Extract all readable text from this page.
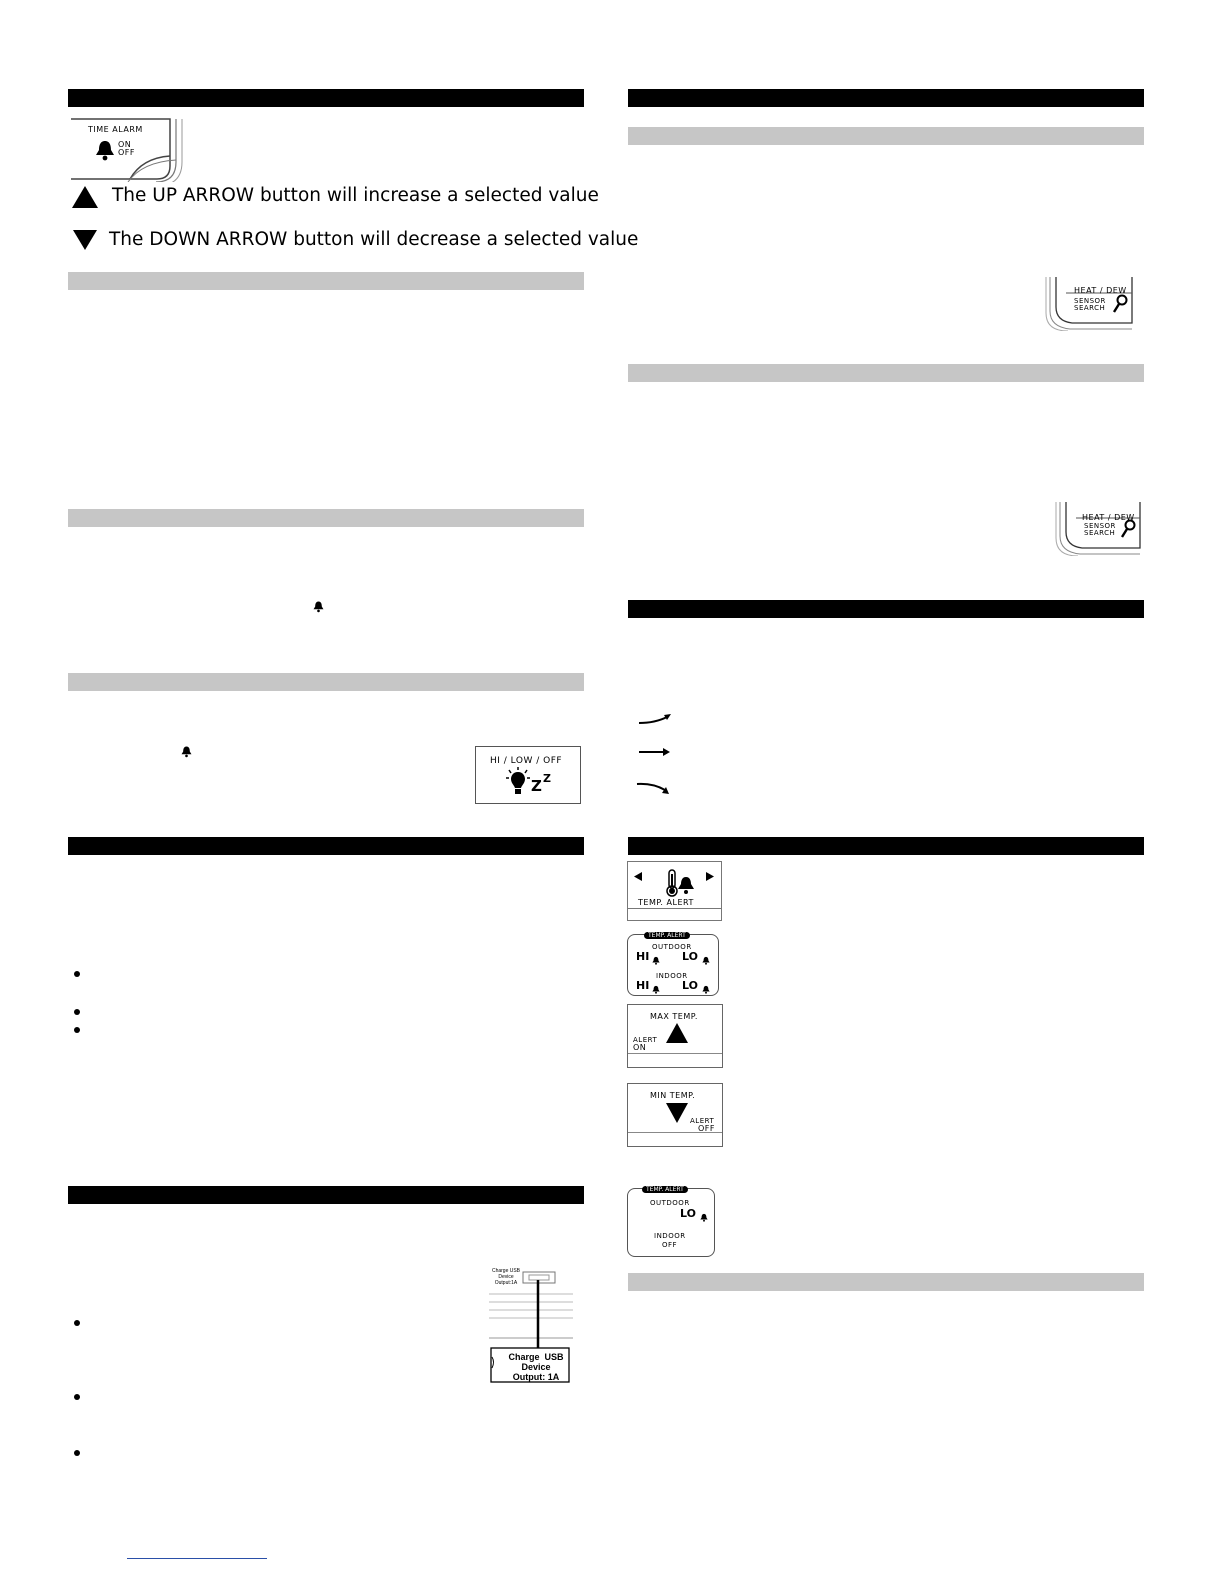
TIME ALARM
ON
OFF
The UP ARROW button will increase a selected value
The DOWN ARROW button will decrease a selected value
HI / LOW / OFF
Z Z
Charge USB Device Output:1A
Charge  USB
Device
Output: 1A
HEAT / DEW
SENSOR
SEARCH
HEAT / DEW
SENSOR
SEARCH
TEMP. ALERT
TEMP. ALERT
OUTDOOR
HI	LO
INDOOR
HI	LO
MAX TEMP.
ALERT
ON
MIN TEMP.
ALERT
OFF
TEMP. ALERT
OUTDOOR
LO
INDOOR
OFF
